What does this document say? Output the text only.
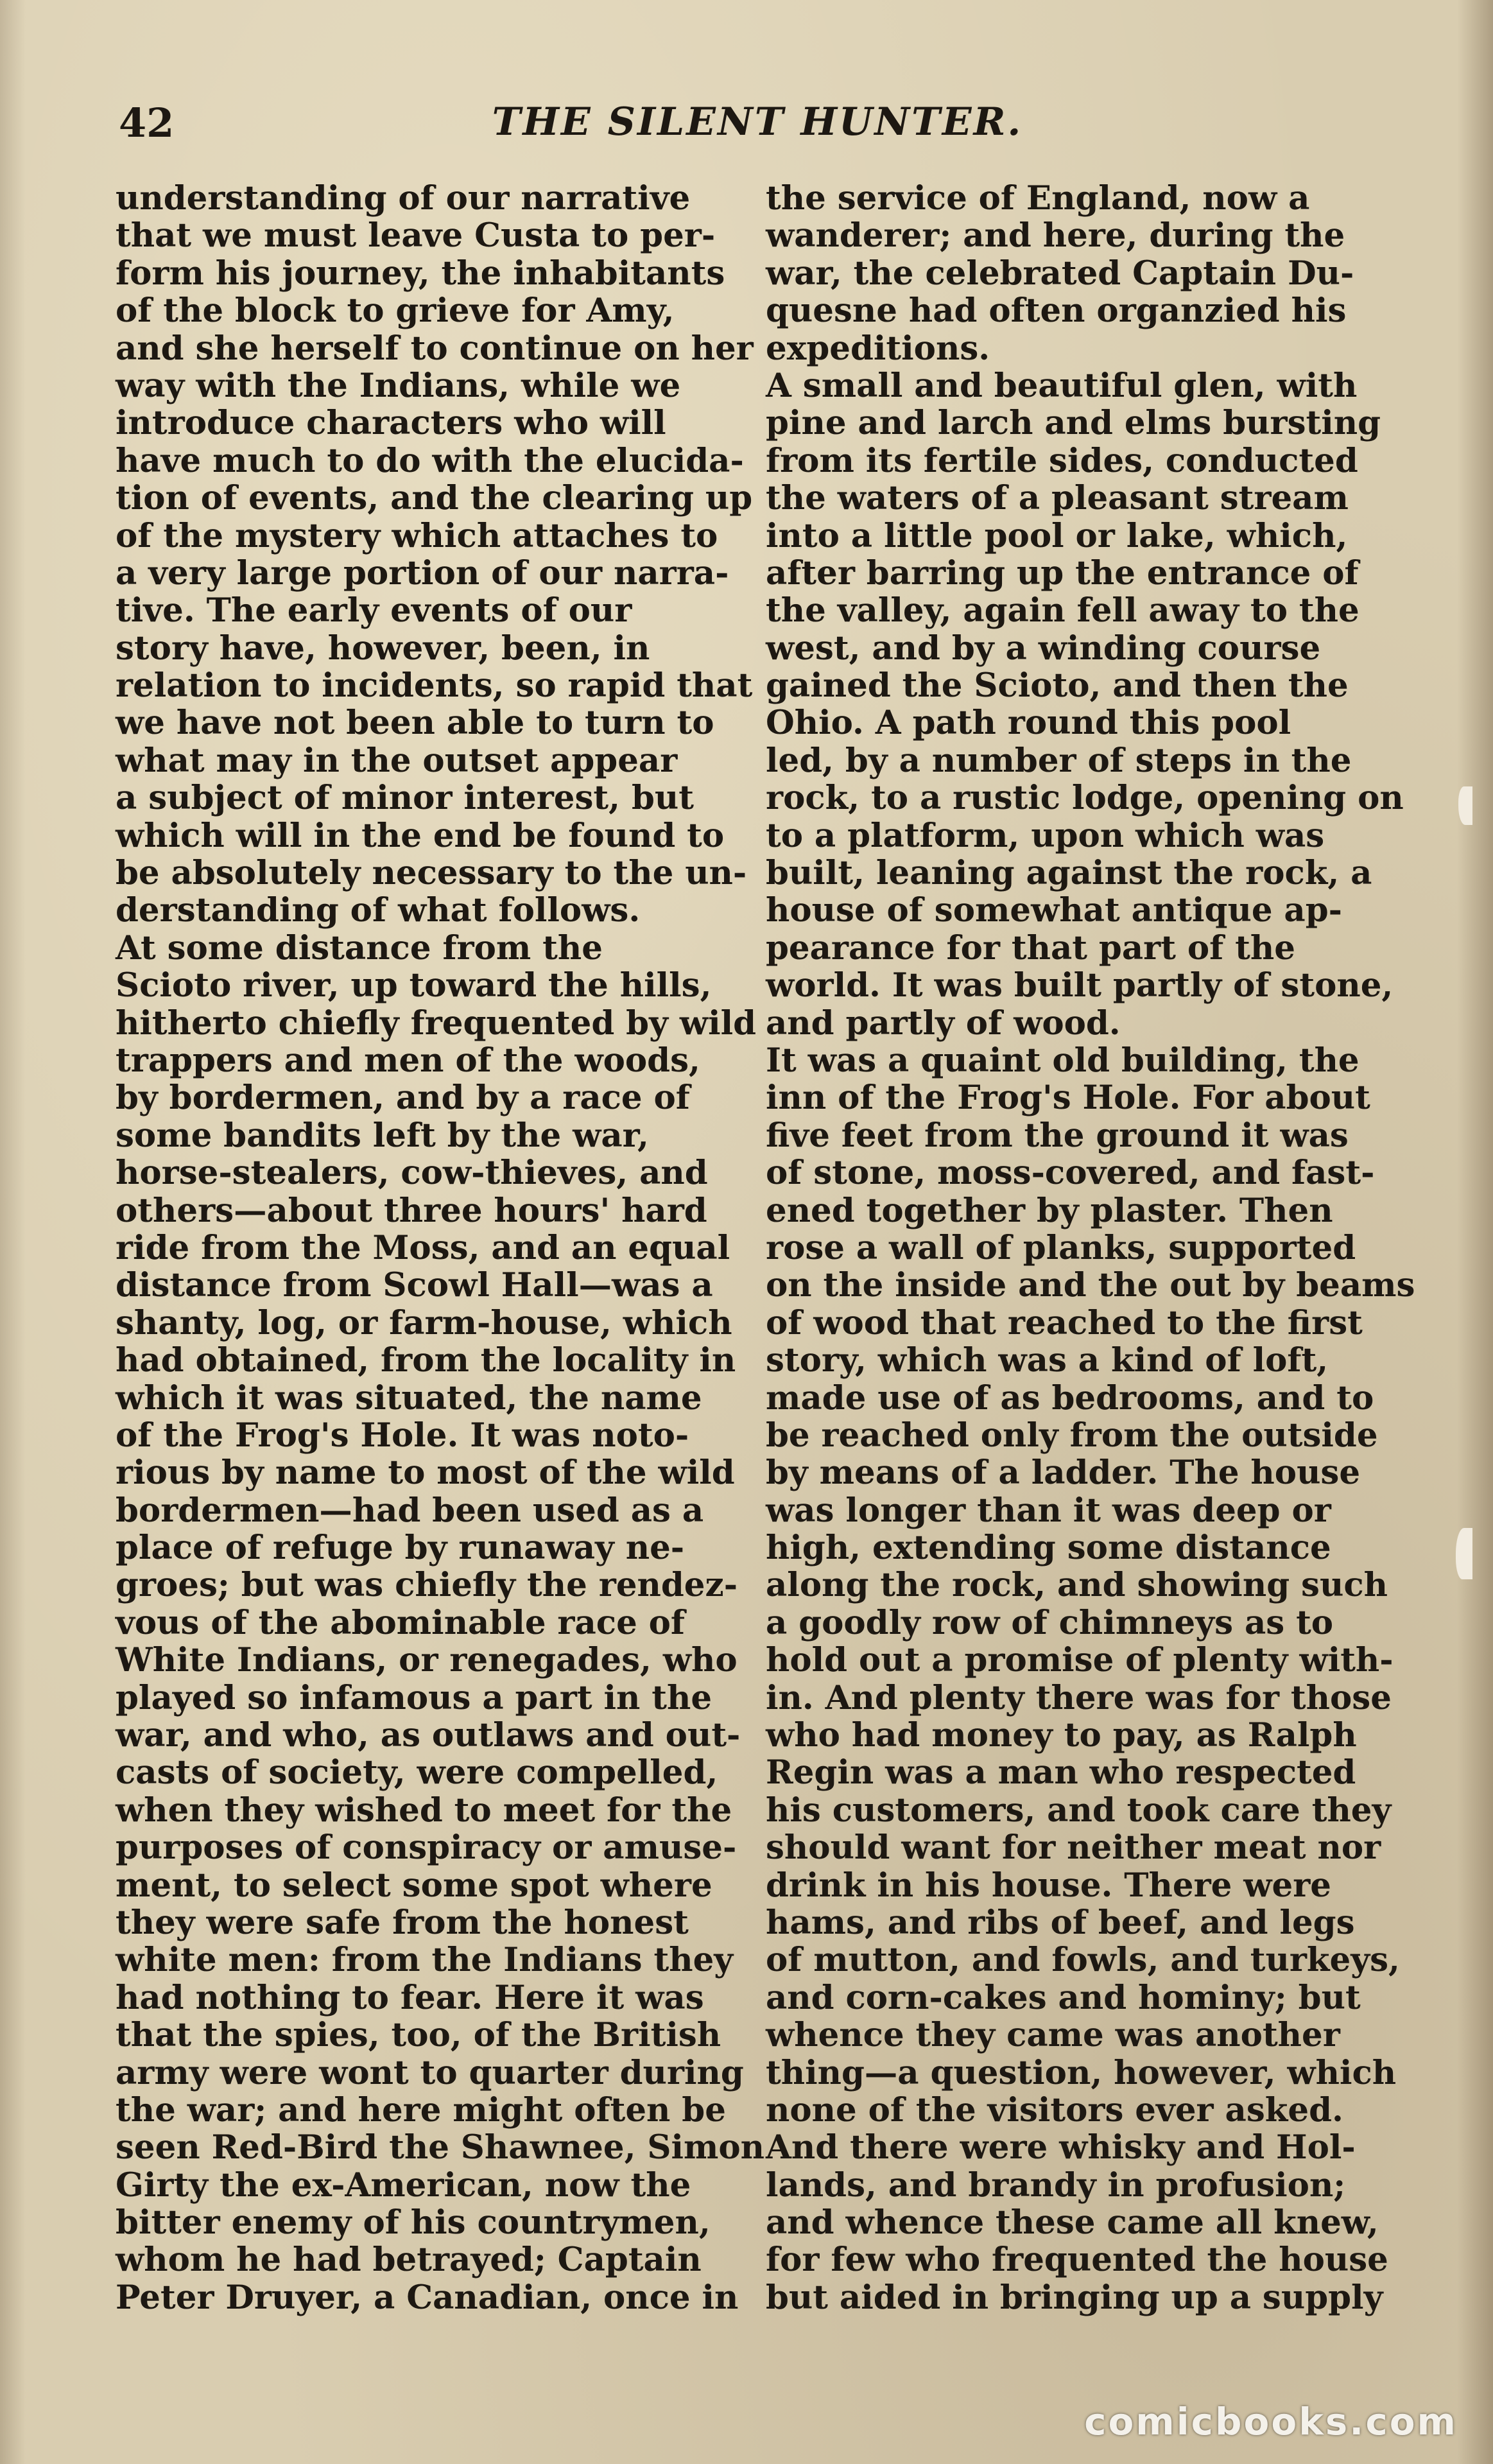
42	THE SILENT HUNTER.
understanding of our narrative
that we must leave Custa to per-
form his journey, the inhabitants
of the block to grieve for Amy,
and she herself to continue on her
way with the Indians, while we
introduce characters who will
have much to do with the elucida-
tion of events, and the clearing up
of the mystery which attaches to
a very large portion of our narra-
tive. The early events of our
story have, however, been, in
relation to incidents, so rapid that
we have not been able to turn to
what may in the outset appear
a subject of minor interest, but
which will in the end be found to
be absolutely necessary to the un-
derstanding of what follows.
At some distance from the
Scioto river, up toward the hills,
hitherto chiefly frequented by wild
trappers and men of the woods,
by bordermen, and by a race of
some bandits left by the war,
horse-stealers, cow-thieves, and
others—about three hours' hard
ride from the Moss, and an equal
distance from Scowl Hall—was a
shanty, log, or farm-house, which
had obtained, from the locality in
which it was situated, the name
of the Frog's Hole. It was noto-
rious by name to most of the wild
bordermen—had been used as a
place of refuge by runaway ne-
groes; but was chiefly the rendez-
vous of the abominable race of
White Indians, or renegades, who
played so infamous a part in the
war, and who, as outlaws and out-
casts of society, were compelled,
when they wished to meet for the
purposes of conspiracy or amuse-
ment, to select some spot where
they were safe from the honest
white men: from the Indians they
had nothing to fear. Here it was
that the spies, too, of the British
army were wont to quarter during
the war; and here might often be
seen Red-Bird the Shawnee, Simon
Girty the ex-American, now the
bitter enemy of his countrymen,
whom he had betrayed; Captain
Peter Druyer, a Canadian, once in
the service of England, now a
wanderer; and here, during the
war, the celebrated Captain Du-
quesne had often organzied his
expeditions.
A small and beautiful glen, with
pine and larch and elms bursting
from its fertile sides, conducted
the waters of a pleasant stream
into a little pool or lake, which,
after barring up the entrance of
the valley, again fell away to the
west, and by a winding course
gained the Scioto, and then the
Ohio. A path round this pool
led, by a number of steps in the
rock, to a rustic lodge, opening on
to a platform, upon which was
built, leaning against the rock, a
house of somewhat antique ap-
pearance for that part of the
world. It was built partly of stone,
and partly of wood.
It was a quaint old building, the
inn of the Frog's Hole. For about
five feet from the ground it was
of stone, moss-covered, and fast-
ened together by plaster. Then
rose a wall of planks, supported
on the inside and the out by beams
of wood that reached to the first
story, which was a kind of loft,
made use of as bedrooms, and to
be reached only from the outside
by means of a ladder. The house
was longer than it was deep or
high, extending some distance
along the rock, and showing such
a goodly row of chimneys as to
hold out a promise of plenty with-
in. And plenty there was for those
who had money to pay, as Ralph
Regin was a man who respected
his customers, and took care they
should want for neither meat nor
drink in his house. There were
hams, and ribs of beef, and legs
of mutton, and fowls, and turkeys,
and corn-cakes and hominy; but
whence they came was another
thing—a question, however, which
none of the visitors ever asked.
And there were whisky and Hol-
lands, and brandy in profusion;
and whence these came all knew,
for few who frequented the house
but aided in bringing up a supply
comicbooks.com
